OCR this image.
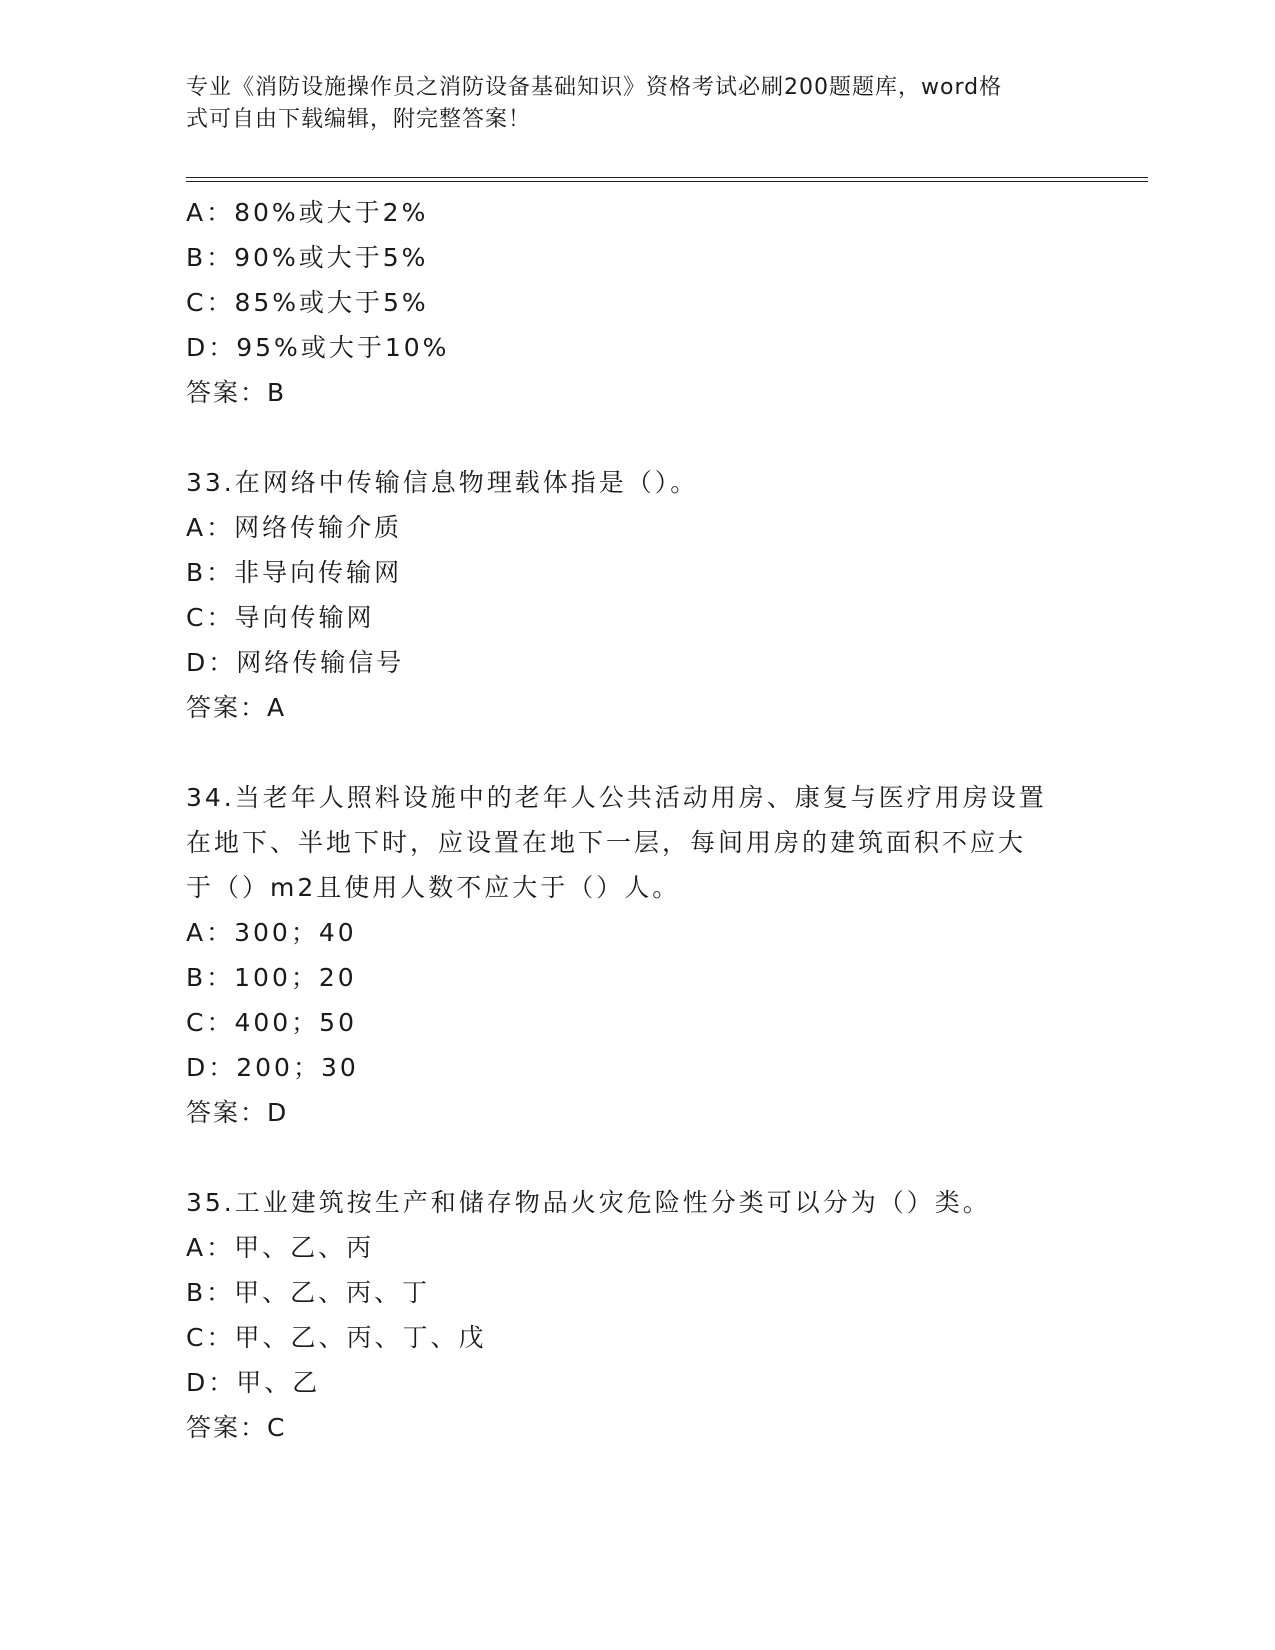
专业《消防设施操作员之消防设备基础知识》资格考试必刷200题题库，word格
式可自由下载编辑，附完整答案！
A：80%或大于2%
B：90%或大于5%
C：85%或大于5%
D：95%或大于10%
答案：B
33.在网络中传输信息物理载体指是（）。
A：网络传输介质
B：非导向传输网
C：导向传输网
D：网络传输信号
答案：A
34.当老年人照料设施中的老年人公共活动用房、康复与医疗用房设置
在地下、半地下时，应设置在地下一层，每间用房的建筑面积不应大
于（）m2且使用人数不应大于（）人。
A：300；40
B：100；20
C：400；50
D：200；30
答案：D
35.工业建筑按生产和储存物品火灾危险性分类可以分为（）类。
A：甲、乙、丙
B：甲、乙、丙、丁
C：甲、乙、丙、丁、戊
D：甲、乙
答案：C
